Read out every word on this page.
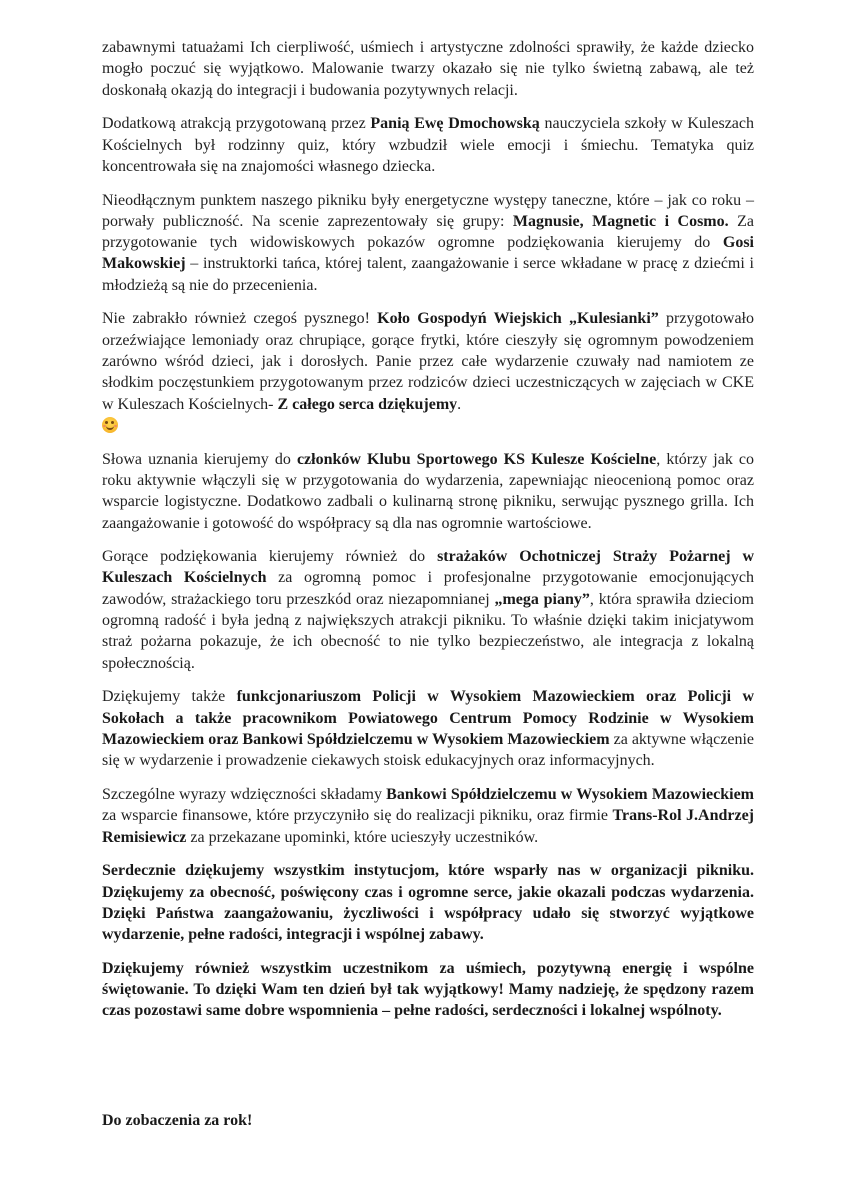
zabawnymi tatuażami Ich cierpliwość, uśmiech i artystyczne zdolności sprawiły, że każde dziecko mogło poczuć się wyjątkowo. Malowanie twarzy okazało się nie tylko świetną zabawą, ale też doskonałą okazją do integracji i budowania pozytywnych relacji.

Dodatkową atrakcją przygotowaną przez Panią Ewę Dmochowską nauczyciela szkoły w Kuleszach Kościelnych był rodzinny quiz, który wzbudził wiele emocji i śmiechu. Tematyka quiz koncentrowała się na znajomości własnego dziecka.

Nieodłącznym punktem naszego pikniku były energetyczne występy taneczne, które – jak co roku – porwały publiczność. Na scenie zaprezentowały się grupy: Magnusie, Magnetic i Cosmo. Za przygotowanie tych widowiskowych pokazów ogromne podziękowania kierujemy do Gosi Makowskiej – instruktorki tańca, której talent, zaangażowanie i serce wkładane w pracę z dziećmi i młodzieżą są nie do przecenienia.

Nie zabrakło również czegoś pysznego! Koło Gospodyń Wiejskich „Kulesianki” przygotowało orzeźwiające lemoniady oraz chrupiące, gorące frytki, które cieszyły się ogromnym powodzeniem zarówno wśród dzieci, jak i dorosłych. Panie przez całe wydarzenie czuwały nad namiotem ze słodkim poczęstunkiem przygotowanym przez rodziców dzieci uczestniczących w zajęciach w CKE w Kuleszach Kościelnych- Z całego serca dziękujemy.

Słowa uznania kierujemy do członków Klubu Sportowego KS Kulesze Kościelne, którzy jak co roku aktywnie włączyli się w przygotowania do wydarzenia, zapewniając nieocenioną pomoc oraz wsparcie logistyczne. Dodatkowo zadbali o kulinarną stronę pikniku, serwując pysznego grilla. Ich zaangażowanie i gotowość do współpracy są dla nas ogromnie wartościowe.

Gorące podziękowania kierujemy również do strażaków Ochotniczej Straży Pożarnej w Kuleszach Kościelnych za ogromną pomoc i profesjonalne przygotowanie emocjonujących zawodów, strażackiego toru przeszkód oraz niezapomnianej „mega piany”, która sprawiła dzieciom ogromną radość i była jedną z największych atrakcji pikniku. To właśnie dzięki takim inicjatywom straż pożarna pokazuje, że ich obecność to nie tylko bezpieczeństwo, ale integracja z lokalną społecznością.

Dziękujemy także funkcjonariuszom Policji w Wysokiem Mazowieckiem oraz Policji w Sokołach a także pracownikom Powiatowego Centrum Pomocy Rodzinie w Wysokiem Mazowieckiem oraz Bankowi Spółdzielczemu w Wysokiem Mazowieckiem za aktywne włączenie się w wydarzenie i prowadzenie ciekawych stoisk edukacyjnych oraz informacyjnych.

Szczególne wyrazy wdzięczności składamy Bankowi Spółdzielczemu w Wysokiem Mazowieckiem za wsparcie finansowe, które przyczyniło się do realizacji pikniku, oraz firmie Trans-Rol J.Andrzej Remisiewicz za przekazane upominki, które ucieszyły uczestników.

Serdecznie dziękujemy wszystkim instytucjom, które wsparły nas w organizacji pikniku. Dziękujemy za obecność, poświęcony czas i ogromne serce, jakie okazali podczas wydarzenia. Dzięki Państwa zaangażowaniu, życzliwości i współpracy udało się stworzyć wyjątkowe wydarzenie, pełne radości, integracji i wspólnej zabawy.

Dziękujemy również wszystkim uczestnikom za uśmiech, pozytywną energię i wspólne świętowanie. To dzięki Wam ten dzień był tak wyjątkowy! Mamy nadzieję, że spędzony razem czas pozostawi same dobre wspomnienia – pełne radości, serdeczności i lokalnej wspólnoty.

Do zobaczenia za rok!
